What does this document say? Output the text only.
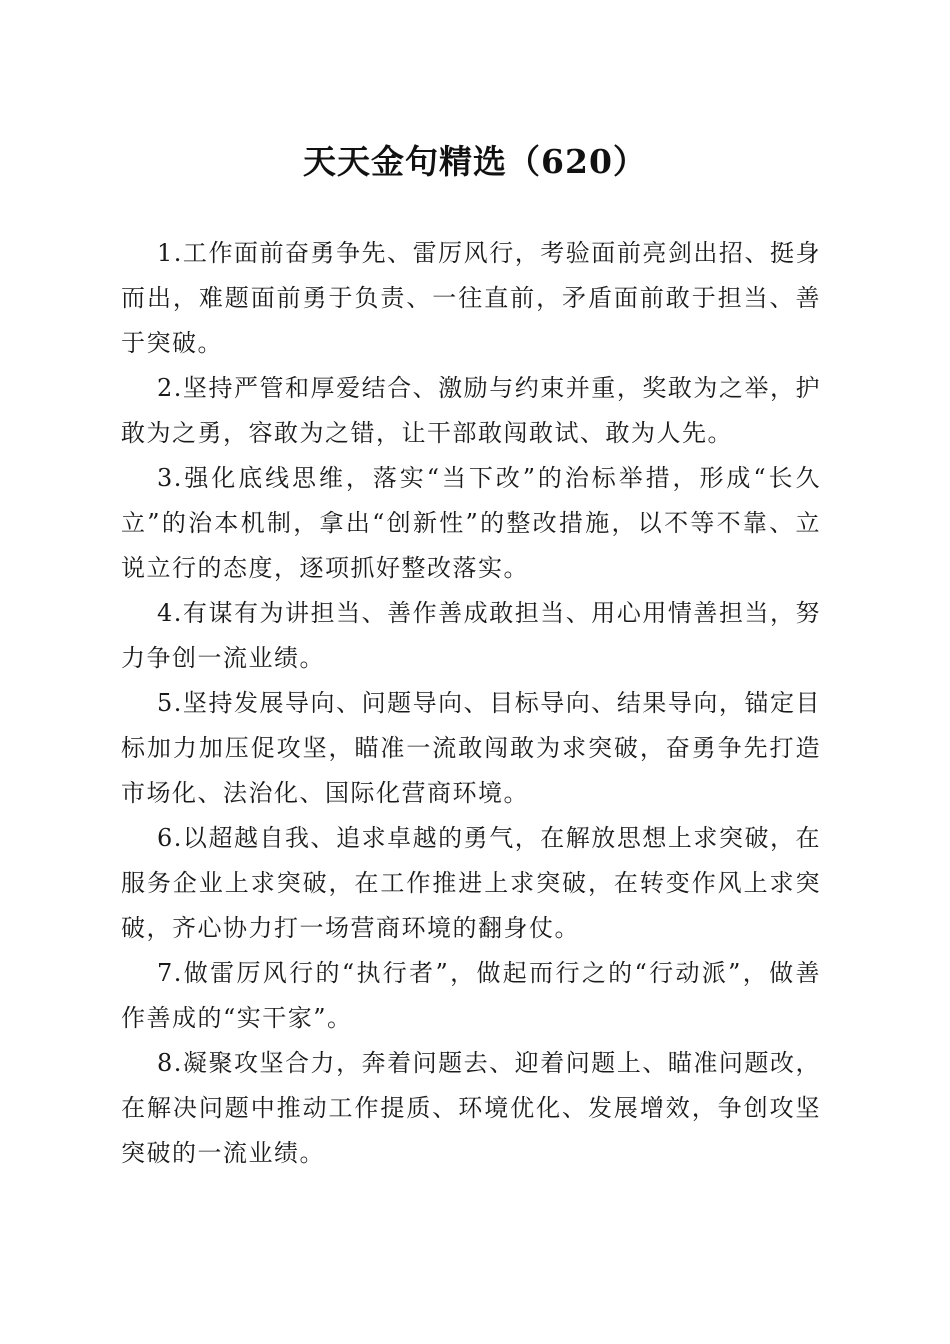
天天金句精选（620）

1.工作面前奋勇争先、雷厉风行，考验面前亮剑出招、挺身而出，难题面前勇于负责、一往直前，矛盾面前敢于担当、善于突破。

2.坚持严管和厚爱结合、激励与约束并重，奖敢为之举，护敢为之勇，容敢为之错，让干部敢闯敢试、敢为人先。

3.强化底线思维，落实“当下改”的治标举措，形成“长久立”的治本机制，拿出“创新性”的整改措施，以不等不靠、立说立行的态度，逐项抓好整改落实。

4.有谋有为讲担当、善作善成敢担当、用心用情善担当，努力争创一流业绩。

5.坚持发展导向、问题导向、目标导向、结果导向，锚定目标加力加压促攻坚，瞄准一流敢闯敢为求突破，奋勇争先打造市场化、法治化、国际化营商环境。

6.以超越自我、追求卓越的勇气，在解放思想上求突破，在服务企业上求突破，在工作推进上求突破，在转变作风上求突破，齐心协力打一场营商环境的翻身仗。

7.做雷厉风行的“执行者”，做起而行之的“行动派”，做善作善成的“实干家”。

8.凝聚攻坚合力，奔着问题去、迎着问题上、瞄准问题改，在解决问题中推动工作提质、环境优化、发展增效，争创攻坚突破的一流业绩。
